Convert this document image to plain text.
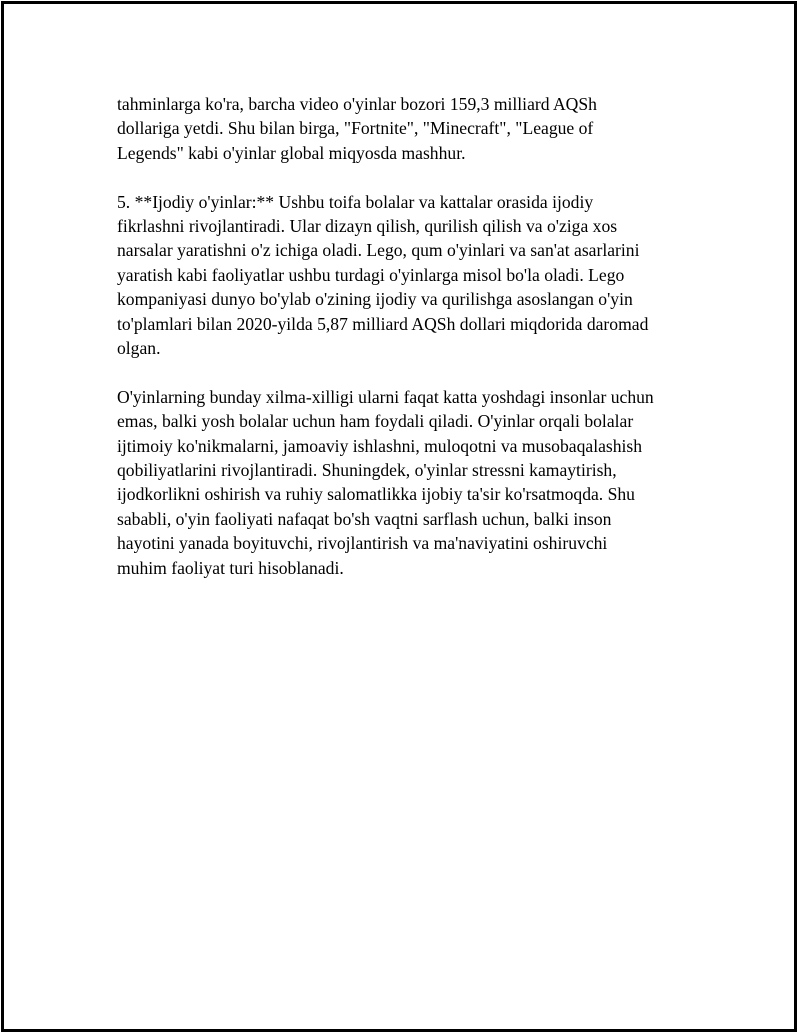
tahminlarga ko'ra, barcha video o'yinlar bozori 159,3 milliard AQSh
dollariga yetdi. Shu bilan birga, "Fortnite", "Minecraft", "League of
Legends" kabi o'yinlar global miqyosda mashhur.
5. **Ijodiy o'yinlar:** Ushbu toifa bolalar va kattalar orasida ijodiy
fikrlashni rivojlantiradi. Ular dizayn qilish, qurilish qilish va o'ziga xos
narsalar yaratishni o'z ichiga oladi. Lego, qum o'yinlari va san'at asarlarini
yaratish kabi faoliyatlar ushbu turdagi o'yinlarga misol bo'la oladi. Lego
kompaniyasi dunyo bo'ylab o'zining ijodiy va qurilishga asoslangan o'yin
to'plamlari bilan 2020-yilda 5,87 milliard AQSh dollari miqdorida daromad
olgan.
O'yinlarning bunday xilma-xilligi ularni faqat katta yoshdagi insonlar uchun
emas, balki yosh bolalar uchun ham foydali qiladi. O'yinlar orqali bolalar
ijtimoiy ko'nikmalarni, jamoaviy ishlashni, muloqotni va musobaqalashish
qobiliyatlarini rivojlantiradi. Shuningdek, o'yinlar stressni kamaytirish,
ijodkorlikni oshirish va ruhiy salomatlikka ijobiy ta'sir ko'rsatmoqda. Shu
sababli, o'yin faoliyati nafaqat bo'sh vaqtni sarflash uchun, balki inson
hayotini yanada boyituvchi, rivojlantirish va ma'naviyatini oshiruvchi
muhim faoliyat turi hisoblanadi.
